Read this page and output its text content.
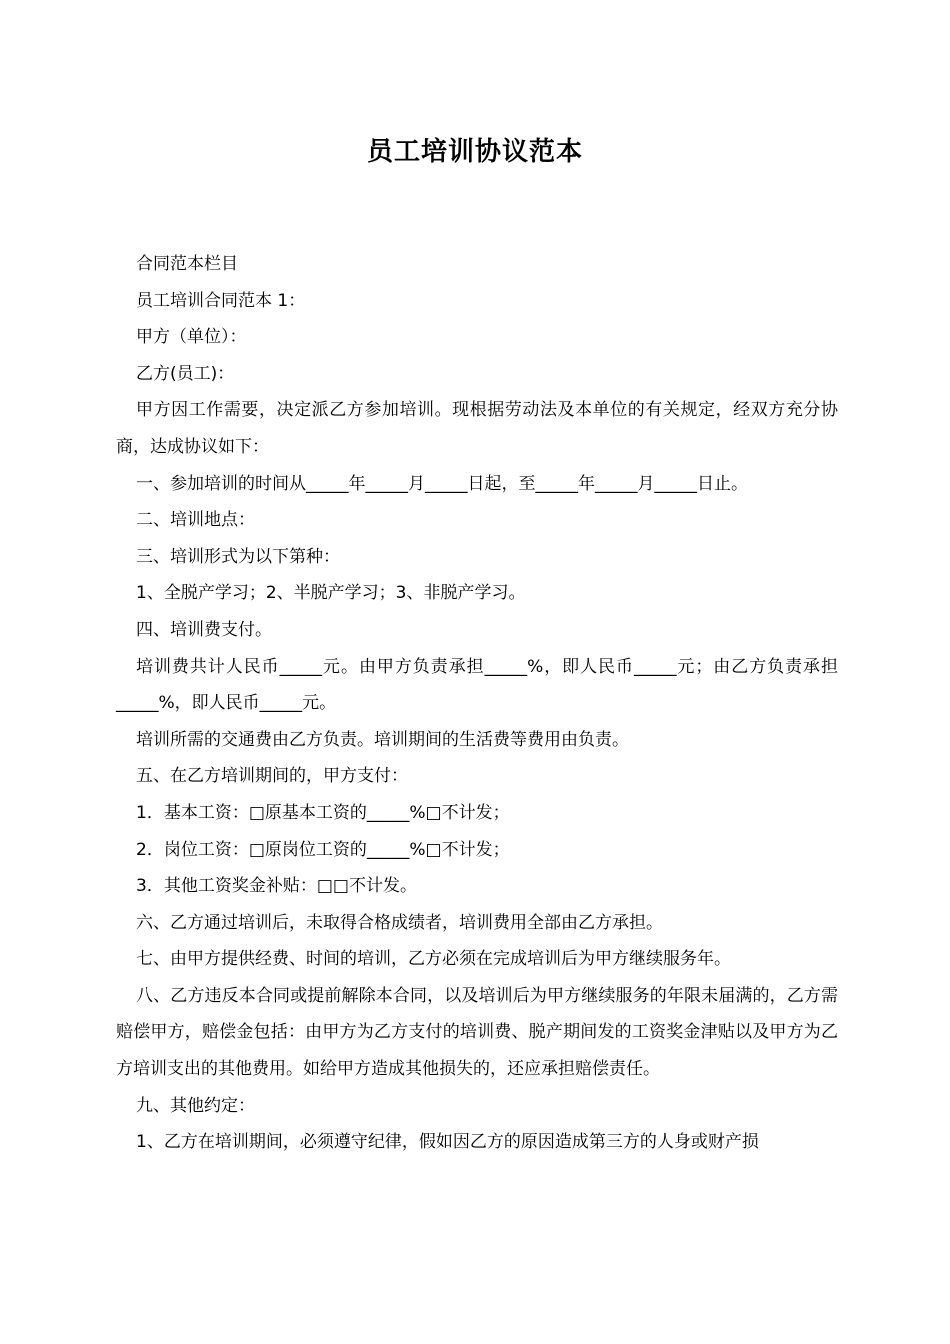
员工培训协议范本

合同范本栏目

员工培训合同范本 1：

甲方（单位）：

乙方(员工)：

甲方因工作需要，决定派乙方参加培训。现根据劳动法及本单位的有关规定，经双方充分协商，达成协议如下：

一、参加培训的时间从_____年_____月_____日起，至_____年_____月_____日止。

二、培训地点：

三、培训形式为以下第种：

1、全脱产学习；2、半脱产学习；3、非脱产学习。

四、培训费支付。

培训费共计人民币_____元。由甲方负责承担_____%，即人民币_____元；由乙方负责承担_____%，即人民币_____元。

培训所需的交通费由乙方负责。培训期间的生活费等费用由负责。

五、在乙方培训期间的，甲方支付：

1．基本工资：□原基本工资的_____%□不计发；

2．岗位工资：□原岗位工资的_____%□不计发；

3．其他工资奖金补贴：□□不计发。

六、乙方通过培训后，未取得合格成绩者，培训费用全部由乙方承担。

七、由甲方提供经费、时间的培训，乙方必须在完成培训后为甲方继续服务年。

八、乙方违反本合同或提前解除本合同，以及培训后为甲方继续服务的年限未届满的，乙方需赔偿甲方，赔偿金包括：由甲方为乙方支付的培训费、脱产期间发的工资奖金津贴以及甲方为乙方培训支出的其他费用。如给甲方造成其他损失的，还应承担赔偿责任。

九、其他约定：

1、乙方在培训期间，必须遵守纪律，假如因乙方的原因造成第三方的人身或财产损
